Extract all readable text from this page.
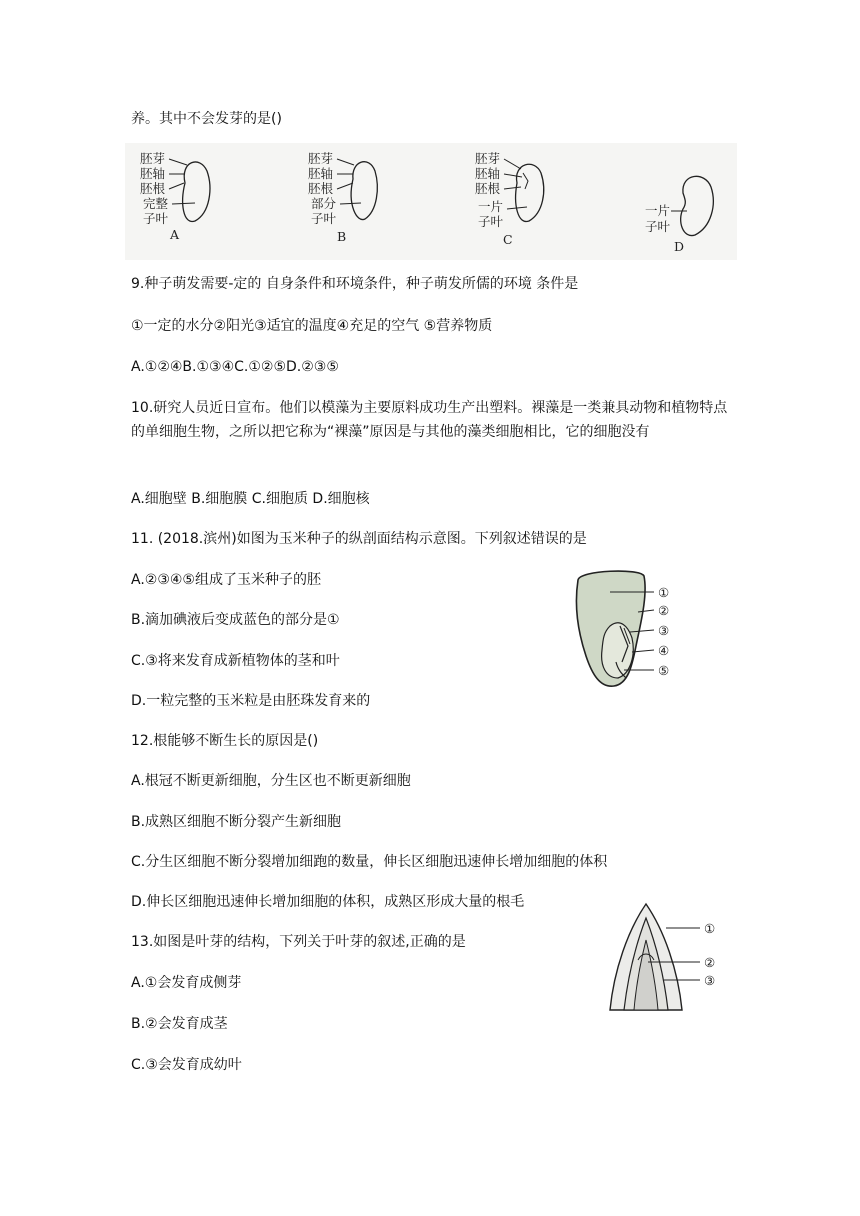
养。其中不会发芽的是()
胚芽
胚轴
胚根
完整
子叶
A
胚芽
胚轴
胚根
部分
子叶
B
胚芽
胚轴
胚根
一片
子叶
C
一片
子叶
D
9.种子萌发需要-定的 自身条件和环境条件，种子萌发所儒的环境 条件是
①一定的水分②阳光③适宜的温度④充足的空气 ⑤营养物质
A.①②④B.①③④C.①②⑤D.②③⑤
10.研究人员近日宣布。他们以模藻为主要原料成功生产出塑料。裸藻是一类兼具动物和植物特点的单细胞生物，之所以把它称为“裸藻”原因是与其他的藻类细胞相比，它的细胞没有
A.细胞壁 B.细胞膜 C.细胞质 D.细胞核
11. (2018.滨州)如图为玉米种子的纵剖面结构示意图。下列叙述错误的是
A.②③④⑤组成了玉米种子的胚
B.滴加碘液后变成蓝色的部分是①
C.③将来发育成新植物体的茎和叶
D.一粒完整的玉米粒是由胚珠发育来的
①
②
③
④
⑤
12.根能够不断生长的原因是()
A.根冠不断更新细胞，分生区也不断更新细胞
B.成熟区细胞不断分裂产生新细胞
C.分生区细胞不断分裂增加细跑的数量，伸长区细胞迅速伸长增加细胞的体积
D.伸长区细胞迅速伸长增加细胞的体积，成熟区形成大量的根毛
13.如图是叶芽的结构，下列关于叶芽的叙述,正确的是
A.①会发育成侧芽
B.②会发育成茎
C.③会发育成幼叶
①
②
③
